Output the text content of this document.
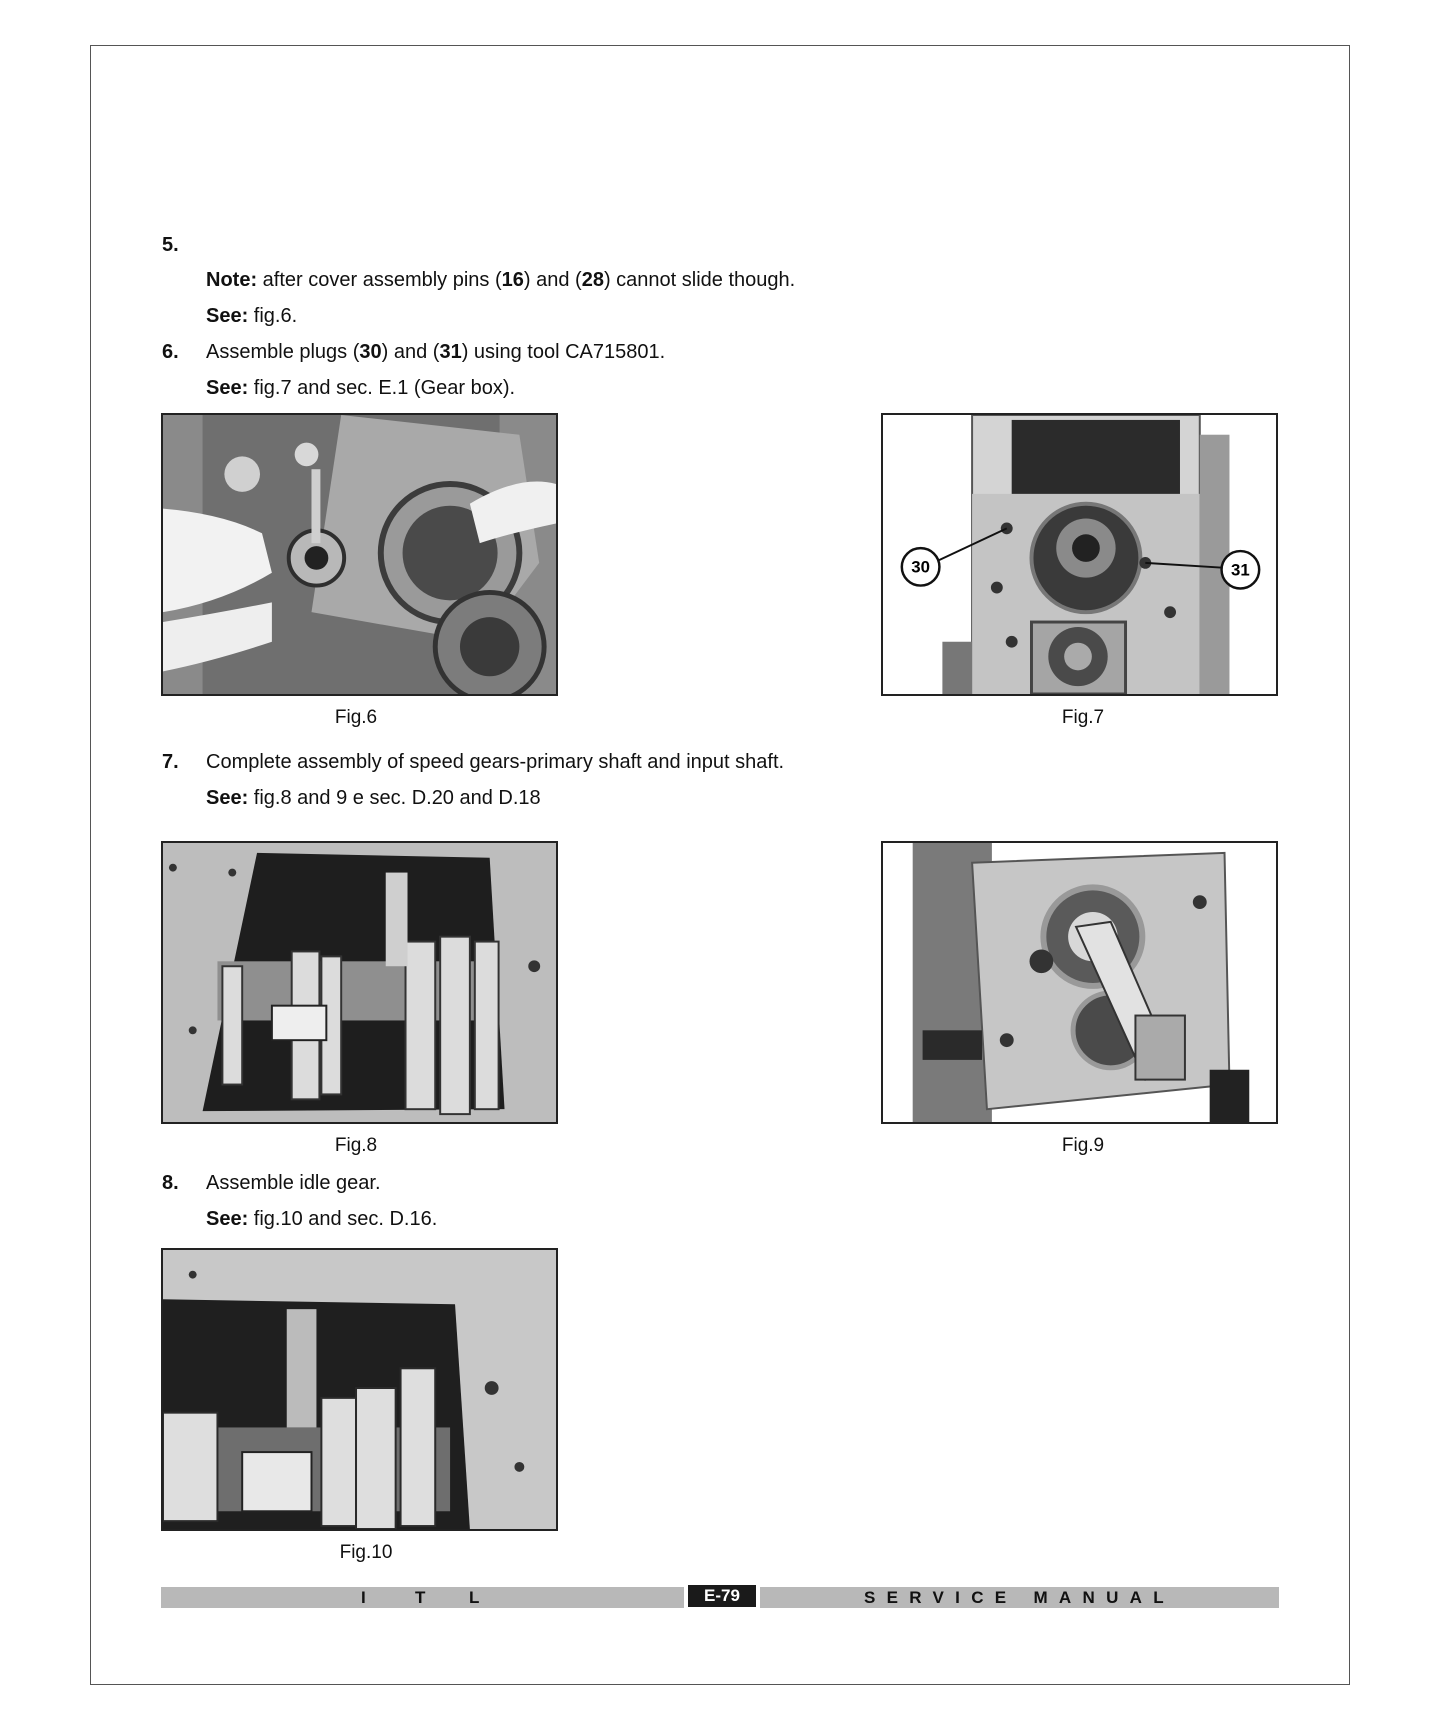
5.
Note: after cover assembly pins (16) and (28) cannot slide though.
See: fig.6.
6. Assemble plugs (30) and (31) using tool CA715801.
See: fig.7 and sec. E.1 (Gear box).
Fig.6
30	31
Fig.7
7. Complete assembly of speed gears-primary shaft and input shaft.
See: fig.8 and 9 e sec. D.20 and D.18
Fig.8	Fig.9
8. Assemble idle gear.
See: fig.10 and sec. D.16.
Fig.10
I	T	L	E-79	SERVICE MANUAL
